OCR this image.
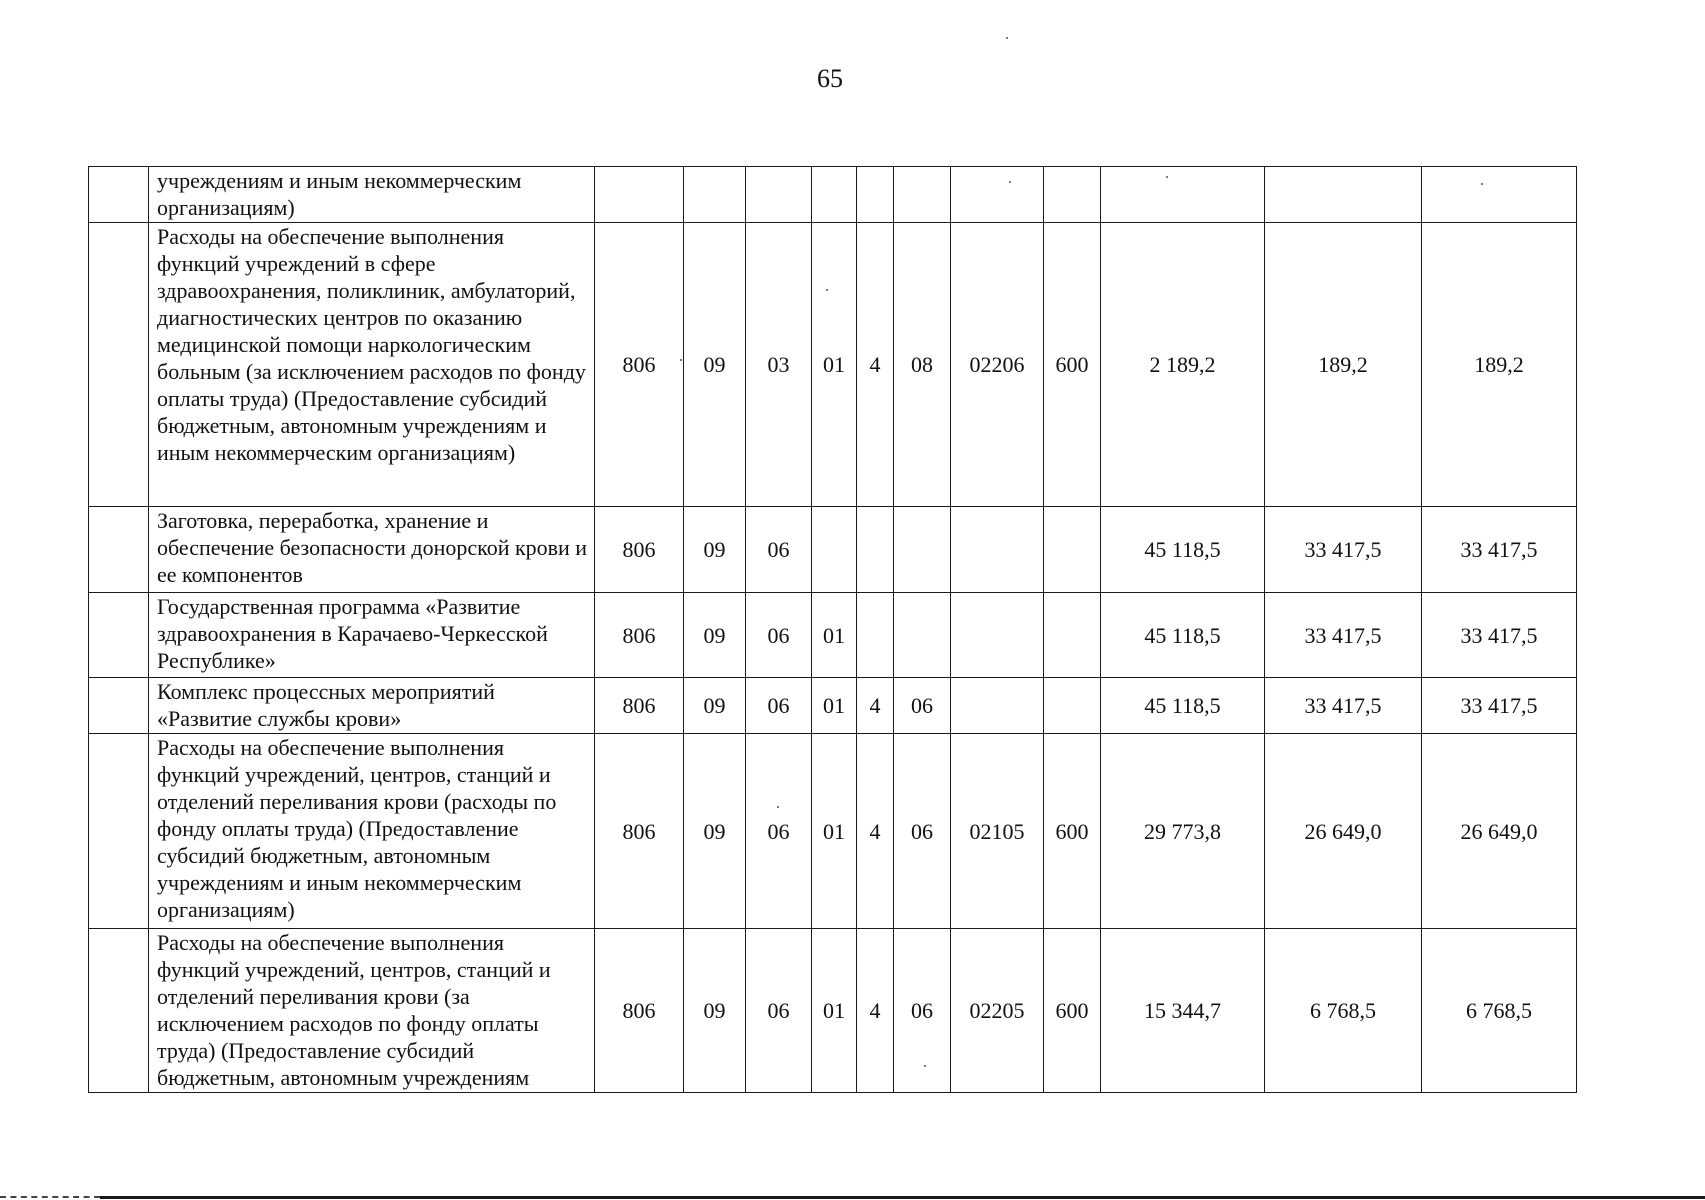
65
	учреждениям и иным некоммерческим организациям)											
	Расходы на обеспечение выполнения функций учреждений в сфере здравоохранения, поликлиник, амбулаторий, диагностических центров по оказанию медицинской помощи наркологическим больным (за исключением расходов по фонду оплаты труда) (Предоставление субсидий бюджетным, автономным учреждениям и иным некоммерческим организациям)	806	09	03	01	4	08	02206	600	2 189,2	189,2	189,2
	Заготовка, переработка, хранение и обеспечение безопасности донорской крови и ее компонентов	806	09	06						45 118,5	33 417,5	33 417,5
	Государственная программа «Развитие здравоохранения в Карачаево-Черкесской Республике»	806	09	06	01					45 118,5	33 417,5	33 417,5
	Комплекс процессных мероприятий «Развитие службы крови»	806	09	06	01	4	06			45 118,5	33 417,5	33 417,5
	Расходы на обеспечение выполнения функций учреждений, центров, станций и отделений переливания крови (расходы по фонду оплаты труда) (Предоставление субсидий бюджетным, автономным учреждениям и иным некоммерческим организациям)	806	09	06	01	4	06	02105	600	29 773,8	26 649,0	26 649,0
	Расходы на обеспечение выполнения функций учреждений, центров, станций и отделений переливания крови (за исключением расходов по фонду оплаты труда) (Предоставление субсидий бюджетным, автономным учреждениям	806	09	06	01	4	06	02205	600	15 344,7	6 768,5	6 768,5
